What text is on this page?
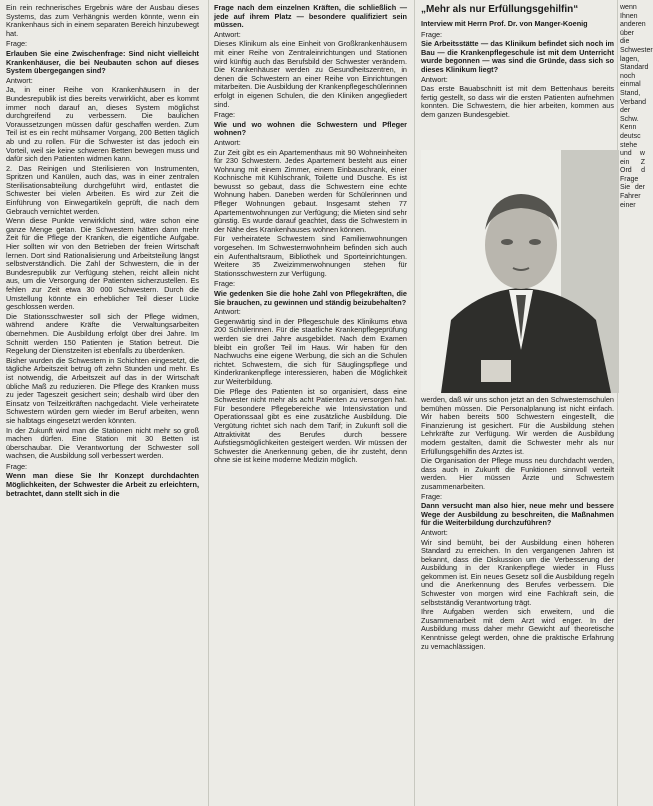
Ein rein rechnerisches Ergebnis wäre der Ausbau dieses Systems, das zum Verhängnis werden könnte, wenn ein Krankenhaus sich in einem separaten Bereich hinzubewegt hat.

Frage:

Erlauben Sie eine Zwischenfrage: Sind nicht vielleicht Krankenhäuser, die bei Neubauten schon auf dieses System übergegangen sind?

Antwort:

Ja, in einer Reihe von Krankenhäusern in der Bundesrepublik ist dies bereits verwirklicht, aber es kommt immer noch darauf an, dieses System möglichst durchgreifend zu verbessern. Die baulichen Voraussetzungen müssen dafür geschaffen werden. Zum Teil ist es ein recht mühsamer Vorgang, 200 Betten täglich ab und zu rollen. Für die Schwester ist das jedoch ein Vorteil, weil sie keine schweren Betten bewegen muss und dafür sich den Patienten widmen kann.

2. Das Reinigen und Sterilisieren von Instrumenten, Spritzen und Kanülen, auch das, was in einer zentralen Sterilisationsabteilung durchgeführt wird, entlastet die Schwester bei vielen Arbeiten. Es wird zur Zeit die Einführung von Einwegartikeln geprüft, die nach dem Gebrauch vernichtet werden.

Wenn diese Punkte verwirklicht sind, wäre schon eine ganze Menge getan. Die Schwestern hätten dann mehr Zeit für die Pflege der Kranken, die eigentliche Aufgabe. Hier sollten wir von den Betrieben der freien Wirtschaft lernen. Dort sind Rationalisierung und Arbeitsteilung längst selbstverständlich. Die Zahl der Schwestern, die in der Bundesrepublik zur Verfügung stehen, reicht allein nicht aus, um die Versorgung der Patienten sicherzustellen. Es fehlen zur Zeit etwa 30 000 Schwestern. Durch die Umstellung könnte ein erheblicher Teil dieser Lücke geschlossen werden.

Die Stationsschwester soll sich der Pflege widmen, während andere Kräfte die Verwaltungsarbeiten übernehmen. Die Ausbildung erfolgt über drei Jahre. Im Schnitt werden 150 Patienten je Station betreut. Die Regelung der Dienstzeiten ist ebenfalls zu überdenken.

Bisher wurden die Schwestern in Schichten eingesetzt, die tägliche Arbeitszeit betrug oft zehn Stunden und mehr. Es ist notwendig, die Arbeitszeit auf das in der Wirtschaft übliche Maß zu reduzieren. Die Pflege des Kranken muss zu jeder Tageszeit gesichert sein; deshalb wird über den Einsatz von Teilzeitkräften nachgedacht. Viele verheiratete Schwestern würden gern wieder im Beruf arbeiten, wenn sie halbtags eingesetzt werden könnten.

In der Zukunft wird man die Stationen nicht mehr so groß machen dürfen. Eine Station mit 30 Betten ist überschaubar. Die Verantwortung der Schwester soll wachsen, die Ausbildung soll verbessert werden.

Frage:

Wenn man diese Sie Ihr Konzept durchdachten Möglichkeiten, der Schwester die Arbeit zu erleichtern, betrachtet, dann stellt sich in die

Frage nach dem einzelnen Kräften, die schließlich — jede auf ihrem Platz — besondere qualifiziert sein müssen.

Antwort:

Dieses Klinikum als eine Einheit von Großkrankenhäusern mit einer Reihe von Zentraleinrichtungen und Stationen wird künftig auch das Berufsbild der Schwester verändern. Die Krankenhäuser werden zu Gesundheitszentren, in denen die Schwestern an einer Reihe von Einrichtungen mitarbeiten. Die Ausbildung der Krankenpflegeschülerinnen erfolgt in eigenen Schulen, die den Kliniken angegliedert sind.

Frage:

Wie und wo wohnen die Schwestern und Pfleger wohnen?

Antwort:

Zur Zeit gibt es ein Apartementhaus mit 90 Wohneinheiten für 230 Schwestern. Jedes Apartement besteht aus einer Wohnung mit einem Zimmer, einem Einbauschrank, einer Kochnische mit Kühlschrank, Toilette und Dusche. Es ist bewusst so gebaut, dass die Schwestern eine echte Wohnung haben. Daneben werden für Schülerinnen und Pfleger Wohnungen gebaut. Insgesamt stehen 77 Apartementwohnungen zur Verfügung; die Mieten sind sehr günstig. Es wurde darauf geachtet, dass die Schwestern in der Nähe des Krankenhauses wohnen können.

Für verheiratete Schwestern sind Familienwohnungen vorgesehen. Im Schwesternwohnheim befinden sich auch ein Aufenthaltsraum, Bibliothek und Sporteinrichtungen. Weitere 35 Zweizimmerwohnungen stehen für Stationsschwestern zur Verfügung.

Frage:

Wie gedenken Sie die hohe Zahl von Pflegekräften, die Sie brauchen, zu gewinnen und ständig beizubehalten?

Antwort:

Gegenwärtig sind in der Pflegeschule des Klinikums etwa 200 Schülerinnen. Für die staatliche Krankenpflegeprüfung werden sie drei Jahre ausgebildet. Nach dem Examen bleibt ein großer Teil im Haus. Wir haben für den Nachwuchs eine eigene Werbung, die sich an die Schulen richtet. Schwestern, die sich für Säuglingspflege und Kinderkrankenpflege interessieren, haben die Möglichkeit zur Weiterbildung.

Die Pflege des Patienten ist so organisiert, dass eine Schwester nicht mehr als acht Patienten zu versorgen hat. Für besondere Pflegebereiche wie Intensivstation und Operationssaal gibt es eine zusätzliche Ausbildung. Die Vergütung richtet sich nach dem Tarif; in Zukunft soll die Attraktivität des Berufes durch bessere Aufstiegsmöglichkeiten gesteigert werden. Wir müssen der Schwester die Anerkennung geben, die ihr zusteht, denn ohne sie ist keine moderne Medizin möglich.

„Mehr als nur Erfüllungsgehilfin“

Interview mit Herrn Prof. Dr. von Manger-Koenig

Frage:

Sie Arbeitsstätte — das Klinikum befindet sich noch im Bau — die Krankenpflegeschule ist mit dem Unterricht wurde begonnen — was sind die Gründe, dass sich so dieses Klinikum liegt?

Antwort:

Das erste Bauabschnitt ist mit dem Bettenhaus bereits fertig gestellt, so dass wir die ersten Patienten aufnehmen konnten. Die Schwestern, die hier arbeiten, kommen aus dem ganzen Bundesgebiet.

werden, daß wir uns schon jetzt an den Schwesternschulen bemühen müssen. Die Personalplanung ist nicht einfach. Wir haben bereits 500 Schwestern eingestellt, die Finanzierung ist gesichert. Für die Ausbildung stehen Lehrkräfte zur Verfügung. Wir werden die Ausbildung modern gestalten, damit die Schwester mehr als nur Erfüllungsgehilfin des Arztes ist.

Die Organisation der Pflege muss neu durchdacht werden, dass auch in Zukunft die Funktionen sinnvoll verteilt werden. Hier müssen Ärzte und Schwestern zusammenarbeiten.

Frage:

Dann versucht man also hier, neue mehr und bessere Wege der Ausbildung zu beschreiten, die Maßnahmen für die Weiterbildung durchzuführen?

Antwort:

Wir sind bemüht, bei der Ausbildung einen höheren Standard zu erreichen. In den vergangenen Jahren ist bekannt, dass die Diskussion um die Verbesserung der Ausbildung in der Krankenpflege wieder in Fluss gekommen ist. Ein neues Gesetz soll die Ausbildung regeln und die Anerkennung des Berufes verbessern. Die Schwester von morgen wird eine Fachkraft sein, die selbstständig Verantwortung trägt.

Ihre Aufgaben werden sich erweitern, und die Zusammenarbeit mit dem Arzt wird enger. In der Ausbildung muss daher mehr Gewicht auf theoretische Kenntnisse gelegt werden, ohne die praktische Erfahrung zu vernachlässigen.

wenn Ihnen anderen über die Schwester lagen, Standard noch einmal Stand, Verband der Schw. Kenn deutsc stehe und w ein Z Ord d Frage Sie der Fahrer einer
